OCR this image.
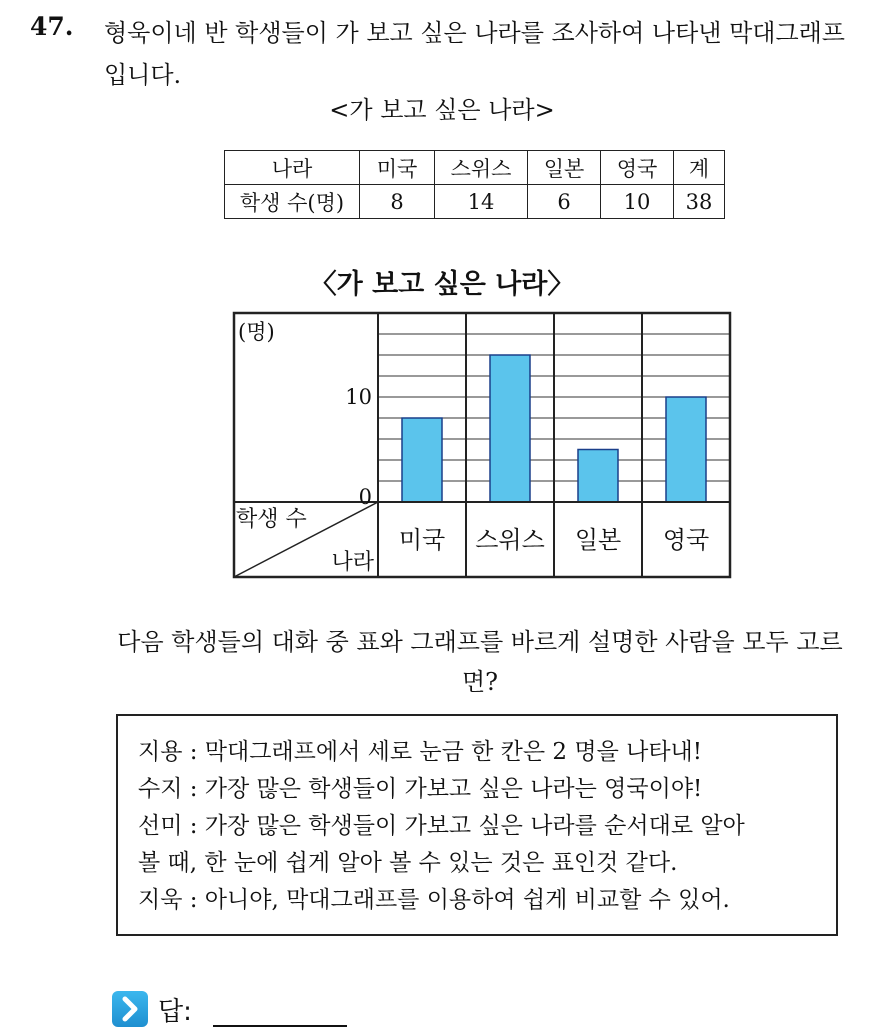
47. 형욱이네 반 학생들이 가 보고 싶은 나라를 조사하여 나타낸 막대그래프입니다.
<가 보고 싶은 나라>
나라	미국	스위스	일본	영국	계
학생 수(명)	8	14	6	10	38
〈가 보고 싶은 나라〉
(명)
10
0
학생 수
나라
미국 스위스 일본 영국
다음 학생들의 대화 중 표와 그래프를 바르게 설명한 사람을 모두 고르면?
지용 : 막대그래프에서 세로 눈금 한 칸은 2 명을 나타내!
수지 : 가장 많은 학생들이 가보고 싶은 나라는 영국이야!
선미 : 가장 많은 학생들이 가보고 싶은 나라를 순서대로 알아
볼 때, 한 눈에 쉽게 알아 볼 수 있는 것은 표인것 같다.
지욱 : 아니야, 막대그래프를 이용하여 쉽게 비교할 수 있어.
답:
